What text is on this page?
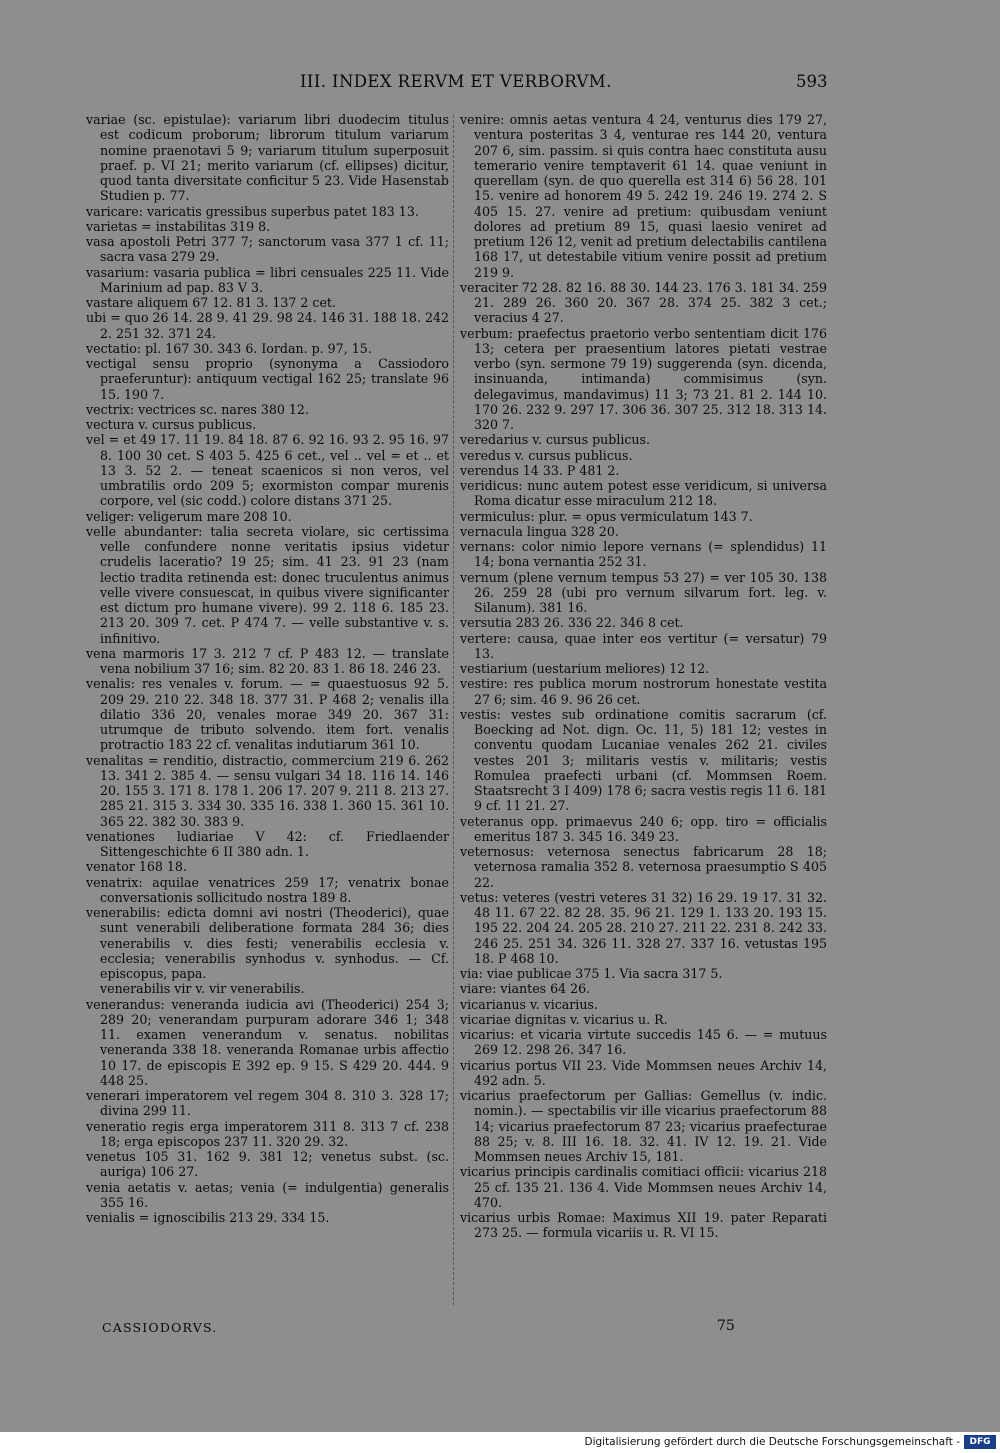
III. INDEX RERVM ET VERBORVM.	593
variae (sc. epistulae): variarum libri duodecim titulus est codicum proborum; librorum titulum variarum nomine praenotavi 5 9; variarum titulum superposuit praef. p. VI 21; merito variarum (cf. ellipses) dicitur, quod tanta diversitate conficitur 5 23. Vide Hasenstab Studien p. 77.
varicare: varicatis gressibus superbus patet 183 13.
varietas = instabilitas 319 8.
vasa apostoli Petri 377 7; sanctorum vasa 377 1 cf. 11; sacra vasa 279 29.
vasarium: vasaria publica = libri censuales 225 11. Vide Marinium ad pap. 83 V 3.
vastare aliquem 67 12. 81 3. 137 2 cet.
ubi = quo 26 14. 28 9. 41 29. 98 24. 146 31. 188 18. 242 2. 251 32. 371 24.
vectatio: pl. 167 30. 343 6. Iordan. p. 97, 15.
vectigal sensu proprio (synonyma a Cassiodoro praeferuntur): antiquum vectigal 162 25; translate 96 15. 190 7.
vectrix: vectrices sc. nares 380 12.
vectura v. cursus publicus.
vel = et 49 17. 11 19. 84 18. 87 6. 92 16. 93 2. 95 16. 97 8. 100 30 cet. S 403 5. 425 6 cet., vel .. vel = et .. et 13 3. 52 2. — teneat scaenicos si non veros, vel umbratilis ordo 209 5; exormiston compar murenis corpore, vel (sic codd.) colore distans 371 25.
veliger: veligerum mare 208 10.
velle abundanter: talia secreta violare, sic certissima velle confundere nonne veritatis ipsius videtur crudelis laceratio? 19 25; sim. 41 23. 91 23 (nam lectio tradita retinenda est: donec truculentus animus velle vivere consuescat, in quibus vivere significanter est dictum pro humane vivere). 99 2. 118 6. 185 23. 213 20. 309 7. cet. P 474 7. — velle substantive v. s. infinitivo.
vena marmoris 17 3. 212 7 cf. P 483 12. — translate vena nobilium 37 16; sim. 82 20. 83 1. 86 18. 246 23.
venalis: res venales v. forum. — = quaestuosus 92 5. 209 29. 210 22. 348 18. 377 31. P 468 2; venalis illa dilatio 336 20, venales morae 349 20. 367 31: utrumque de tributo solvendo. item fort. venalis protractio 183 22 cf. venalitas indutiarum 361 10.
venalitas = renditio, distractio, commercium 219 6. 262 13. 341 2. 385 4. — sensu vulgari 34 18. 116 14. 146 20. 155 3. 171 8. 178 1. 206 17. 207 9. 211 8. 213 27. 285 21. 315 3. 334 30. 335 16. 338 1. 360 15. 361 10. 365 22. 382 30. 383 9.
venationes ludiariae V 42: cf. Friedlaender Sittengeschichte 6 II 380 adn. 1.
venator 168 18.
venatrix: aquilae venatrices 259 17; venatrix bonae conversationis sollicitudo nostra 189 8.
venerabilis: edicta domni avi nostri (Theoderici), quae sunt venerabili deliberatione formata 284 36; dies venerabilis v. dies festi; venerabilis ecclesia v. ecclesia; venerabilis synhodus v. synhodus. — Cf. episcopus, papa.
venerabilis vir v. vir venerabilis.
venerandus: veneranda iudicia avi (Theoderici) 254 3; 289 20; venerandam purpuram adorare 346 1; 348 11. examen venerandum v. senatus. nobilitas veneranda 338 18. veneranda Romanae urbis affectio 10 17. de episcopis E 392 ep. 9 15. S 429 20. 444. 9 448 25.
venerari imperatorem vel regem 304 8. 310 3. 328 17; divina 299 11.
veneratio regis erga imperatorem 311 8. 313 7 cf. 238 18; erga episcopos 237 11. 320 29. 32.
venetus 105 31. 162 9. 381 12; venetus subst. (sc. auriga) 106 27.
venia aetatis v. aetas; venia (= indulgentia) generalis 355 16.
venialis = ignoscibilis 213 29. 334 15.
venire: omnis aetas ventura 4 24, venturus dies 179 27, ventura posteritas 3 4, venturae res 144 20, ventura 207 6, sim. passim. si quis contra haec constituta ausu temerario venire temptaverit 61 14. quae veniunt in querellam (syn. de quo querella est 314 6) 56 28. 101 15. venire ad honorem 49 5. 242 19. 246 19. 274 2. S 405 15. 27. venire ad pretium: quibusdam veniunt dolores ad pretium 89 15, quasi laesio veniret ad pretium 126 12, venit ad pretium delectabilis cantilena 168 17, ut detestabile vitium venire possit ad pretium 219 9.
veraciter 72 28. 82 16. 88 30. 144 23. 176 3. 181 34. 259 21. 289 26. 360 20. 367 28. 374 25. 382 3 cet.; veracius 4 27.
verbum: praefectus praetorio verbo sententiam dicit 176 13; cetera per praesentium latores pietati vestrae verbo (syn. sermone 79 19) suggerenda (syn. dicenda, insinuanda, intimanda) commisimus (syn. delegavimus, mandavimus) 11 3; 73 21. 81 2. 144 10. 170 26. 232 9. 297 17. 306 36. 307 25. 312 18. 313 14. 320 7.
veredarius v. cursus publicus.
veredus v. cursus publicus.
verendus 14 33. P 481 2.
veridicus: nunc autem potest esse veridicum, si universa Roma dicatur esse miraculum 212 18.
vermiculus: plur. = opus vermiculatum 143 7.
vernacula lingua 328 20.
vernans: color nimio lepore vernans (= splendidus) 11 14; bona vernantia 252 31.
vernum (plene vernum tempus 53 27) = ver 105 30. 138 26. 259 28 (ubi pro vernum silvarum fort. leg. v. Silanum). 381 16.
versutia 283 26. 336 22. 346 8 cet.
vertere: causa, quae inter eos vertitur (= versatur) 79 13.
vestiarium (uestarium meliores) 12 12.
vestire: res publica morum nostrorum honestate vestita 27 6; sim. 46 9. 96 26 cet.
vestis: vestes sub ordinatione comitis sacrarum (cf. Boecking ad Not. dign. Oc. 11, 5) 181 12; vestes in conventu quodam Lucaniae venales 262 21. civiles vestes 201 3; militaris vestis v. militaris; vestis Romulea praefecti urbani (cf. Mommsen Roem. Staatsrecht 3 I 409) 178 6; sacra vestis regis 11 6. 181 9 cf. 11 21. 27.
veteranus opp. primaevus 240 6; opp. tiro = officialis emeritus 187 3. 345 16. 349 23.
veternosus: veternosa senectus fabricarum 28 18; veternosa ramalia 352 8. veternosa praesumptio S 405 22.
vetus: veteres (vestri veteres 31 32) 16 29. 19 17. 31 32. 48 11. 67 22. 82 28. 35. 96 21. 129 1. 133 20. 193 15. 195 22. 204 24. 205 28. 210 27. 211 22. 231 8. 242 33. 246 25. 251 34. 326 11. 328 27. 337 16. vetustas 195 18. P 468 10.
via: viae publicae 375 1. Via sacra 317 5.
viare: viantes 64 26.
vicarianus v. vicarius.
vicariae dignitas v. vicarius u. R.
vicarius: et vicaria virtute succedis 145 6. — = mutuus 269 12. 298 26. 347 16.
vicarius portus VII 23. Vide Mommsen neues Archiv 14, 492 adn. 5.
vicarius praefectorum per Gallias: Gemellus (v. indic. nomin.). — spectabilis vir ille vicarius praefectorum 88 14; vicarius praefectorum 87 23; vicarius praefecturae 88 25; v. 8. III 16. 18. 32. 41. IV 12. 19. 21. Vide Mommsen neues Archiv 15, 181.
vicarius principis cardinalis comitiaci officii: vicarius 218 25 cf. 135 21. 136 4. Vide Mommsen neues Archiv 14, 470.
vicarius urbis Romae: Maximus XII 19. pater Reparati 273 25. — formula vicariis u. R. VI 15.
CASSIODORVS.	75
Digitalisierung gefördert durch die Deutsche Forschungsgemeinschaft -	DFG
